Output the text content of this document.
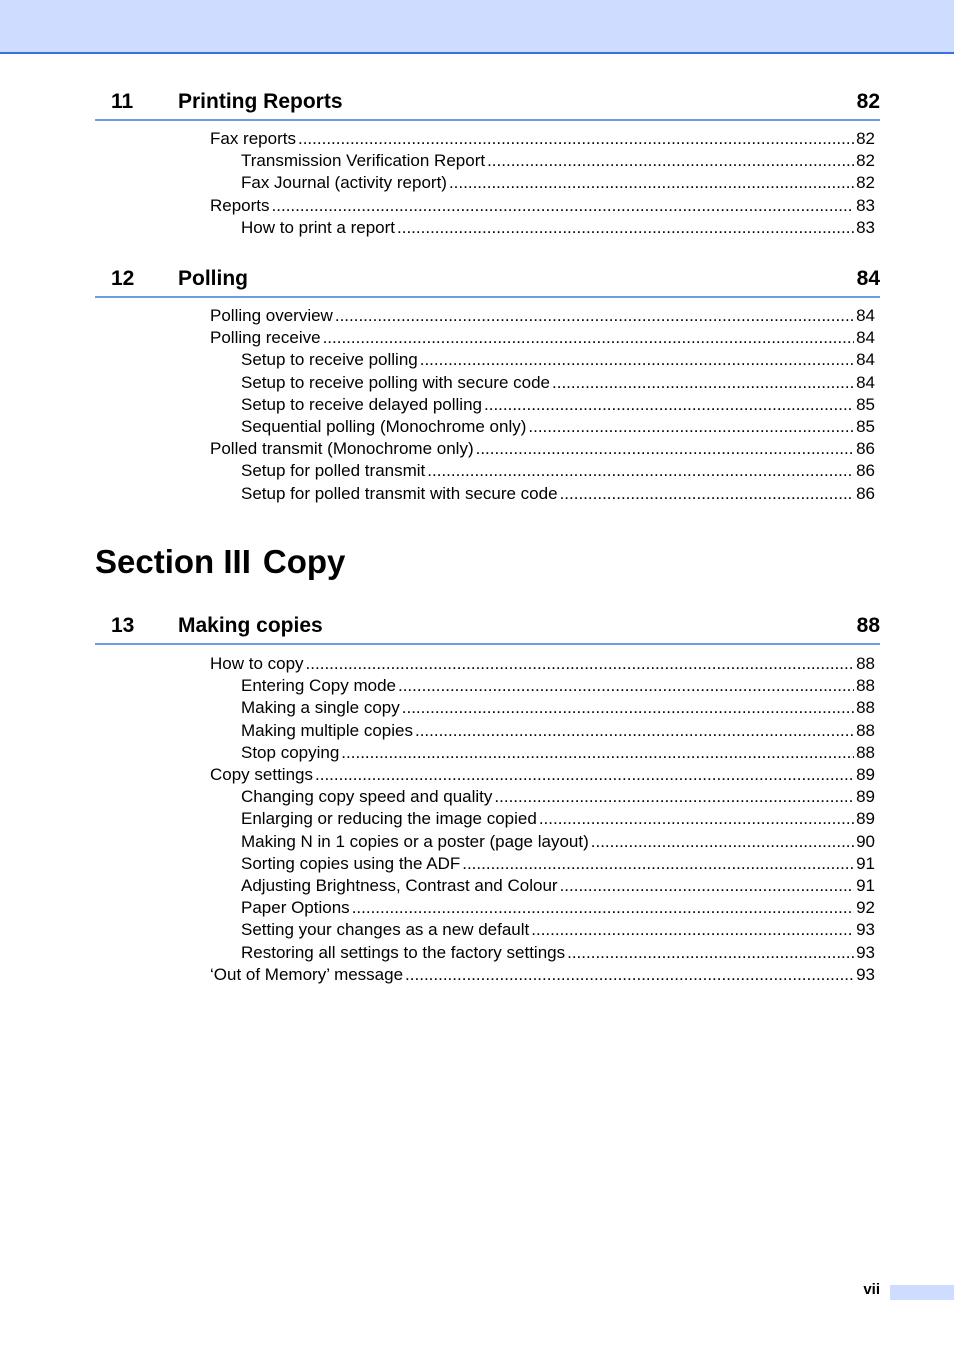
11 Printing Reports	82
Fax reports .....	82
Transmission Verification Report .....	82
Fax Journal (activity report) .....	82
Reports .....	83
How to print a report .....	83
12 Polling	84
Polling overview .....	84
Polling receive .....	84
Setup to receive polling .....	84
Setup to receive polling with secure code .....	84
Setup to receive delayed polling .....	85
Sequential polling (Monochrome only) .....	85
Polled transmit (Monochrome only) .....	86
Setup for polled transmit .....	86
Setup for polled transmit with secure code .....	86
Section III Copy
13 Making copies	88
How to copy .....	88
Entering Copy mode .....	88
Making a single copy .....	88
Making multiple copies .....	88
Stop copying .....	88
Copy settings .....	89
Changing copy speed and quality .....	89
Enlarging or reducing the image copied .....	89
Making N in 1 copies or a poster (page layout) .....	90
Sorting copies using the ADF .....	91
Adjusting Brightness, Contrast and Colour .....	91
Paper Options .....	92
Setting your changes as a new default .....	93
Restoring all settings to the factory settings .....	93
‘Out of Memory’ message .....	93
vii
